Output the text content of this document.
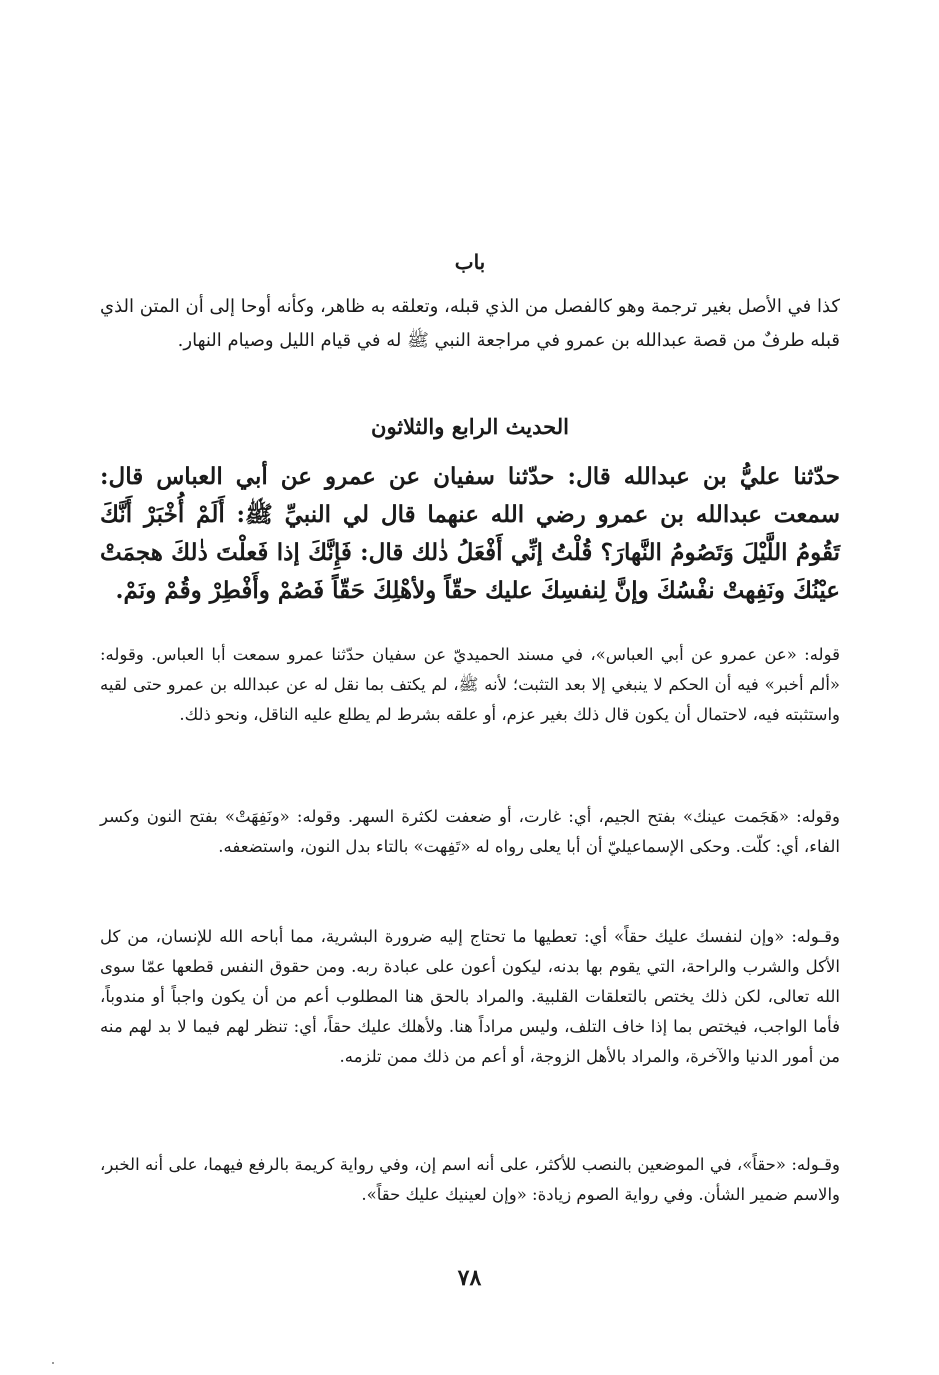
باب
كذا في الأصل بغير ترجمة وهو كالفصل من الذي قبله، وتعلقه به ظاهر، وكأنه أوحا إلى أن المتن الذي قبله طرفٌ من قصة عبدالله بن عمرو في مراجعة النبي ﷺ له في قيام الليل وصيام النهار.
الحديث الرابع والثلاثون
حدّثنا عليُّ بن عبدالله قال: حدّثنا سفيان عن عمرو عن أبي العباس قال: سمعت عبدالله بن عمرو رضي الله عنهما قال لي النبيِّ ﷺ: أَلَمْ أُخْبَرْ أَنَّكَ تَقُومُ اللَّيْلَ وَتَصُومُ النَّهارَ؟ قُلْتُ إنِّي أَفْعَلُ ذٰلك قال: فَإِنَّكَ إذا فَعلْتَ ذٰلكَ هجمَتْ عيْنُكَ ونَفِهتْ نفْسُكَ وإنَّ لِنفسِكَ عليك حقّاً ولأهْلِكَ حَقّاً فَصُمْ وأَفْطِرْ وقُمْ ونَمْ.
قوله: «عن عمرو عن أبي العباس»، في مسند الحميديّ عن سفيان حدّثنا عمرو سمعت أبا العباس. وقوله: «ألم أخبر» فيه أن الحكم لا ينبغي إلا بعد التثبت؛ لأنه ﷺ، لم يكتف بما نقل له عن عبدالله بن عمرو حتى لقيه واستثبته فيه، لاحتمال أن يكون قال ذلك بغير عزم، أو علقه بشرط لم يطلع عليه الناقل، ونحو ذلك.
وقوله: «هَجَمت عينك» بفتح الجيم، أي: غارت، أو ضعفت لكثرة السهر. وقوله: «ونَفِهَتْ» بفتح النون وكسر الفاء، أي: كلّت. وحكى الإسماعيليّ أن أبا يعلى رواه له «تَفِهت» بالتاء بدل النون، واستضعفه.
وقـوله: «وإن لنفسك عليك حقاً» أي: تعطيها ما تحتاج إليه ضرورة البشرية، مما أباحه الله للإنسان، من كل الأكل والشرب والراحة، التي يقوم بها بدنه، ليكون أعون على عبادة ربه. ومن حقوق النفس قطعها عمّا سوى الله تعالى، لكن ذلك يختص بالتعلقات القلبية. والمراد بالحق هنا المطلوب أعم من أن يكون واجباً أو مندوباً، فأما الواجب، فيختص بما إذا خاف التلف، وليس مراداً هنا. ولأهلك عليك حقاً، أي: تنظر لهم فيما لا بد لهم منه من أمور الدنيا والآخرة، والمراد بالأهل الزوجة، أو أعم من ذلك ممن تلزمه.
وقـوله: «حقاً»، في الموضعين بالنصب للأكثر، على أنه اسم إن، وفي رواية كريمة بالرفع فيهما، على أنه الخبر، والاسم ضمير الشأن. وفي رواية الصوم زيادة: «وإن لعينيك عليك حقاً».
٧٨
